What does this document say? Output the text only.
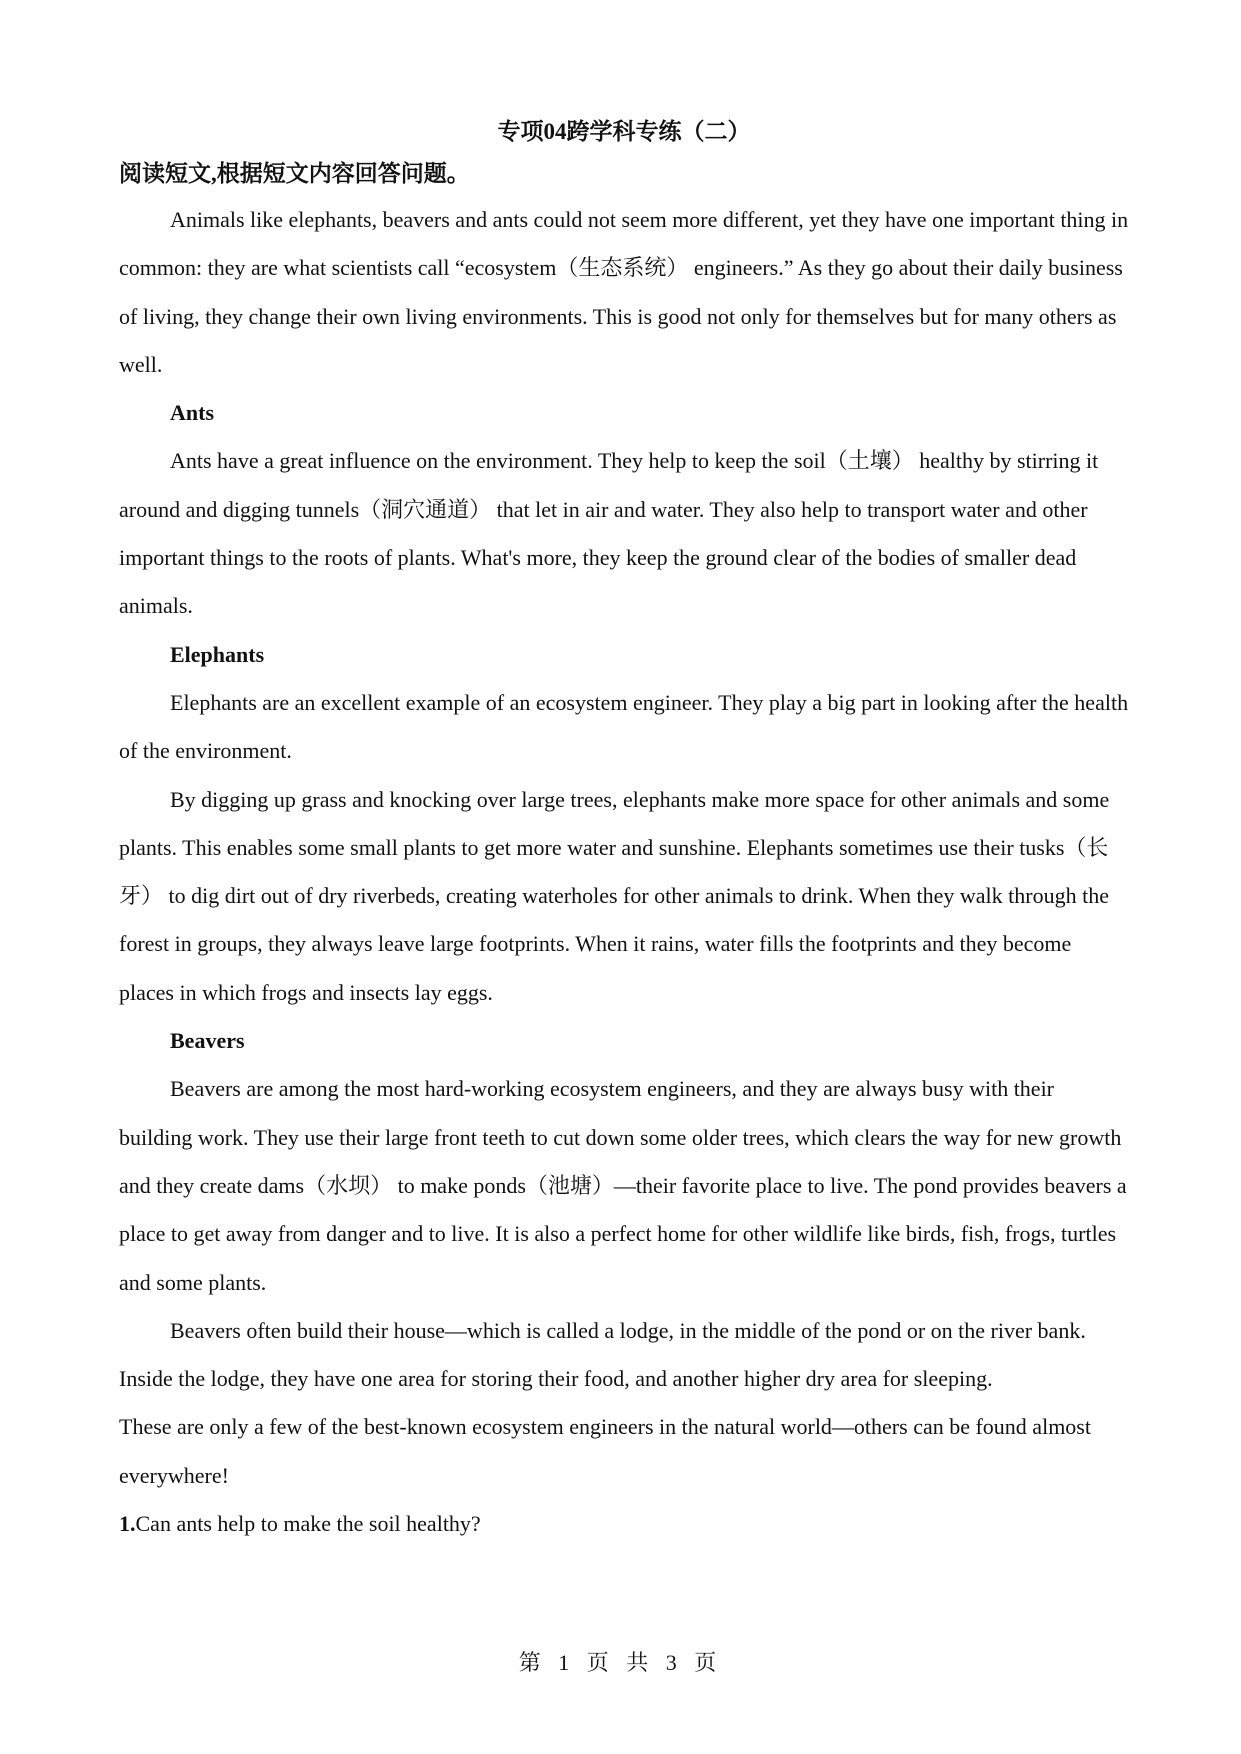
专项04跨学科专练（二）
阅读短文,根据短文内容回答问题。

Animals like elephants, beavers and ants could not seem more different, yet they have one important thing in common: they are what scientists call “ecosystem（生态系统） engineers.” As they go about their daily business of living, they change their own living environments. This is good not only for themselves but for many others as well.

Ants

Ants have a great influence on the environment. They help to keep the soil（土壤） healthy by stirring it around and digging tunnels（洞穴通道） that let in air and water. They also help to transport water and other important things to the roots of plants. What's more, they keep the ground clear of the bodies of smaller dead animals.

Elephants

Elephants are an excellent example of an ecosystem engineer. They play a big part in looking after the health of the environment.

By digging up grass and knocking over large trees, elephants make more space for other animals and some plants. This enables some small plants to get more water and sunshine. Elephants sometimes use their tusks（长牙） to dig dirt out of dry riverbeds, creating waterholes for other animals to drink. When they walk through the forest in groups, they always leave large footprints. When it rains, water fills the footprints and they become places in which frogs and insects lay eggs.

Beavers

Beavers are among the most hard-working ecosystem engineers, and they are always busy with their building work. They use their large front teeth to cut down some older trees, which clears the way for new growth and they create dams（水坝） to make ponds（池塘）—their favorite place to live. The pond provides beavers a place to get away from danger and to live. It is also a perfect home for other wildlife like birds, fish, frogs, turtles and some plants.

Beavers often build their house—which is called a lodge, in the middle of the pond or on the river bank. Inside the lodge, they have one area for storing their food, and another higher dry area for sleeping.

These are only a few of the best-known ecosystem engineers in the natural world—others can be found almost everywhere!

1.Can ants help to make the soil healthy?

第 1 页 共 3 页
